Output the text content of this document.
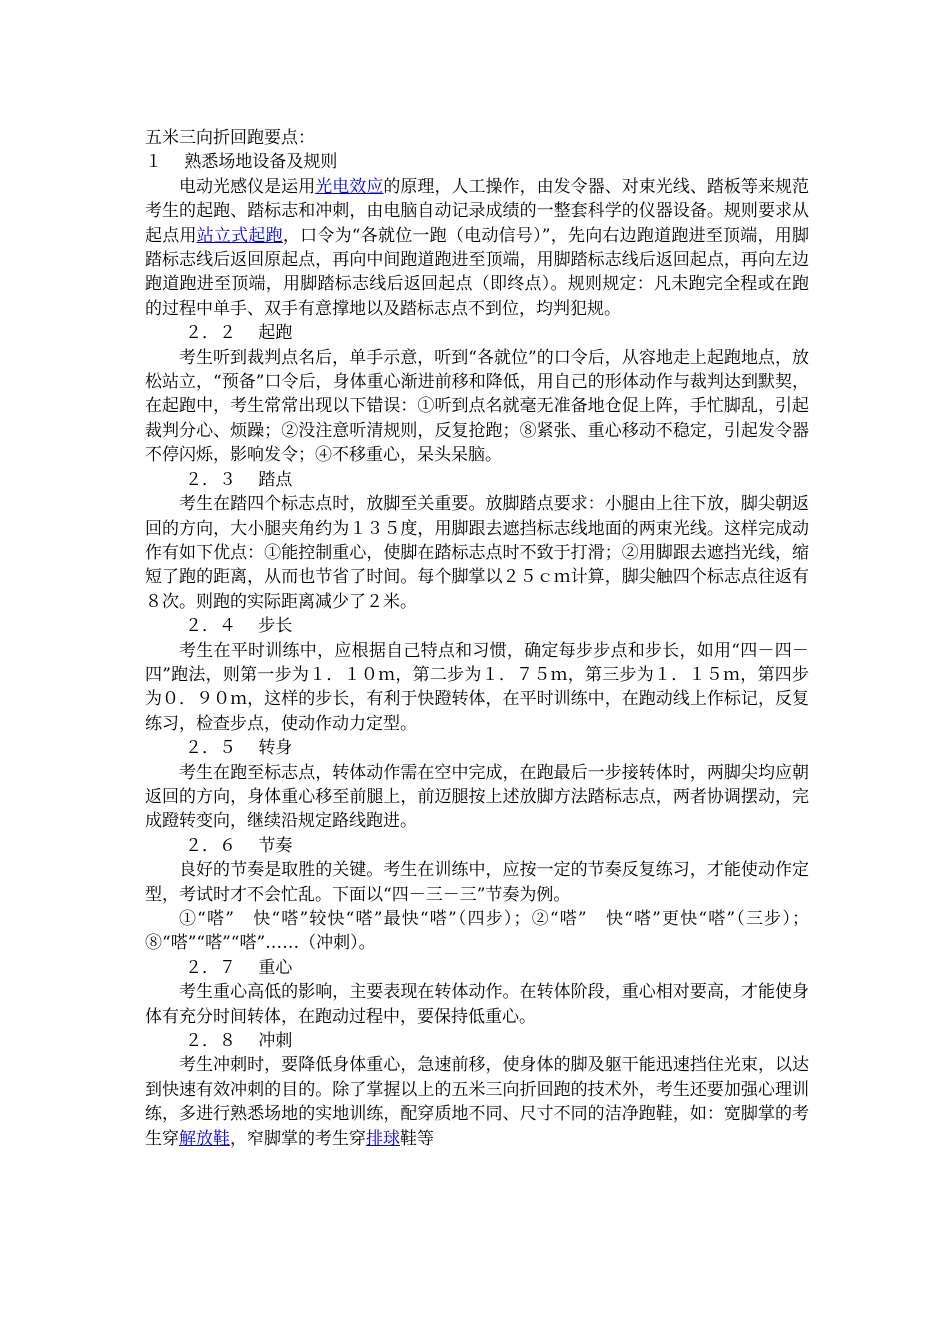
五米三向折回跑要点：

１　 熟悉场地设备及规则

电动光感仪是运用光电效应的原理，人工操作，由发令器、对束光线、踏板等来规范考生的起跑、踏标志和冲刺，由电脑自动记录成绩的一整套科学的仪器设备。规则要求从起点用站立式起跑，口令为“各就位一跑（电动信号）”，先向右边跑道跑进至顶端，用脚踏标志线后返回原起点，再向中间跑道跑进至顶端，用脚踏标志线后返回起点，再向左边跑道跑进至顶端，用脚踏标志线后返回起点（即终点）。规则规定：凡未跑完全程或在跑的过程中单手、双手有意撑地以及踏标志点不到位，均判犯规。

２．２　 起跑

考生听到裁判点名后，单手示意，听到“各就位”的口令后，从容地走上起跑地点，放松站立，“预备”口令后，身体重心渐进前移和降低，用自己的形体动作与裁判达到默契，在起跑中，考生常常出现以下错误：①听到点名就毫无准备地仓促上阵，手忙脚乱，引起裁判分心、烦躁；②没注意听清规则，反复抢跑；⑧紧张、重心移动不稳定，引起发令器不停闪烁，影响发令；④不移重心，呆头呆脑。

２．３　 踏点

考生在踏四个标志点时，放脚至关重要。放脚踏点要求：小腿由上往下放，脚尖朝返回的方向，大小腿夹角约为１３５度，用脚跟去遮挡标志线地面的两束光线。这样完成动作有如下优点：①能控制重心，使脚在踏标志点时不致于打滑；②用脚跟去遮挡光线，缩短了跑的距离，从而也节省了时间。每个脚掌以２５ｃｍ计算，脚尖触四个标志点往返有８次。则跑的实际距离减少了２米。

２．４　 步长

考生在平时训练中，应根据自己特点和习惯，确定每步步点和步长，如用“四－四－四”跑法，则第一步为１．１０ｍ，第二步为１．７５ｍ，第三步为１．１５ｍ，第四步为０．９０ｍ，这样的步长，有利于快蹬转体，在平时训练中，在跑动线上作标记，反复练习，检查步点，使动作动力定型。

２．５　 转身

考生在跑至标志点，转体动作需在空中完成，在跑最后一步接转体时，两脚尖均应朝返回的方向，身体重心移至前腿上，前迈腿按上述放脚方法踏标志点，两者协调摆动，完成蹬转变向，继续沿规定路线跑进。

２．６　 节奏

良好的节奏是取胜的关键。考生在训练中，应按一定的节奏反复练习，才能使动作定型，考试时才不会忙乱。下面以“四－三－三”节奏为例。

①“嗒”　快“嗒”较快“嗒”最快“嗒”（四步）；②“嗒”　快“嗒”更快“嗒”（三步）；⑧“嗒”“嗒”“嗒”……（冲刺）。

２．７　 重心

考生重心高低的影响，主要表现在转体动作。在转体阶段，重心相对要高，才能使身体有充分时间转体，在跑动过程中，要保持低重心。

２．８　 冲刺

考生冲刺时，要降低身体重心，急速前移，使身体的脚及躯干能迅速挡住光束，以达到快速有效冲刺的目的。除了掌握以上的五米三向折回跑的技术外，考生还要加强心理训练，多进行熟悉场地的实地训练，配穿质地不同、尺寸不同的洁净跑鞋，如：宽脚掌的考生穿解放鞋，窄脚掌的考生穿排球鞋等
